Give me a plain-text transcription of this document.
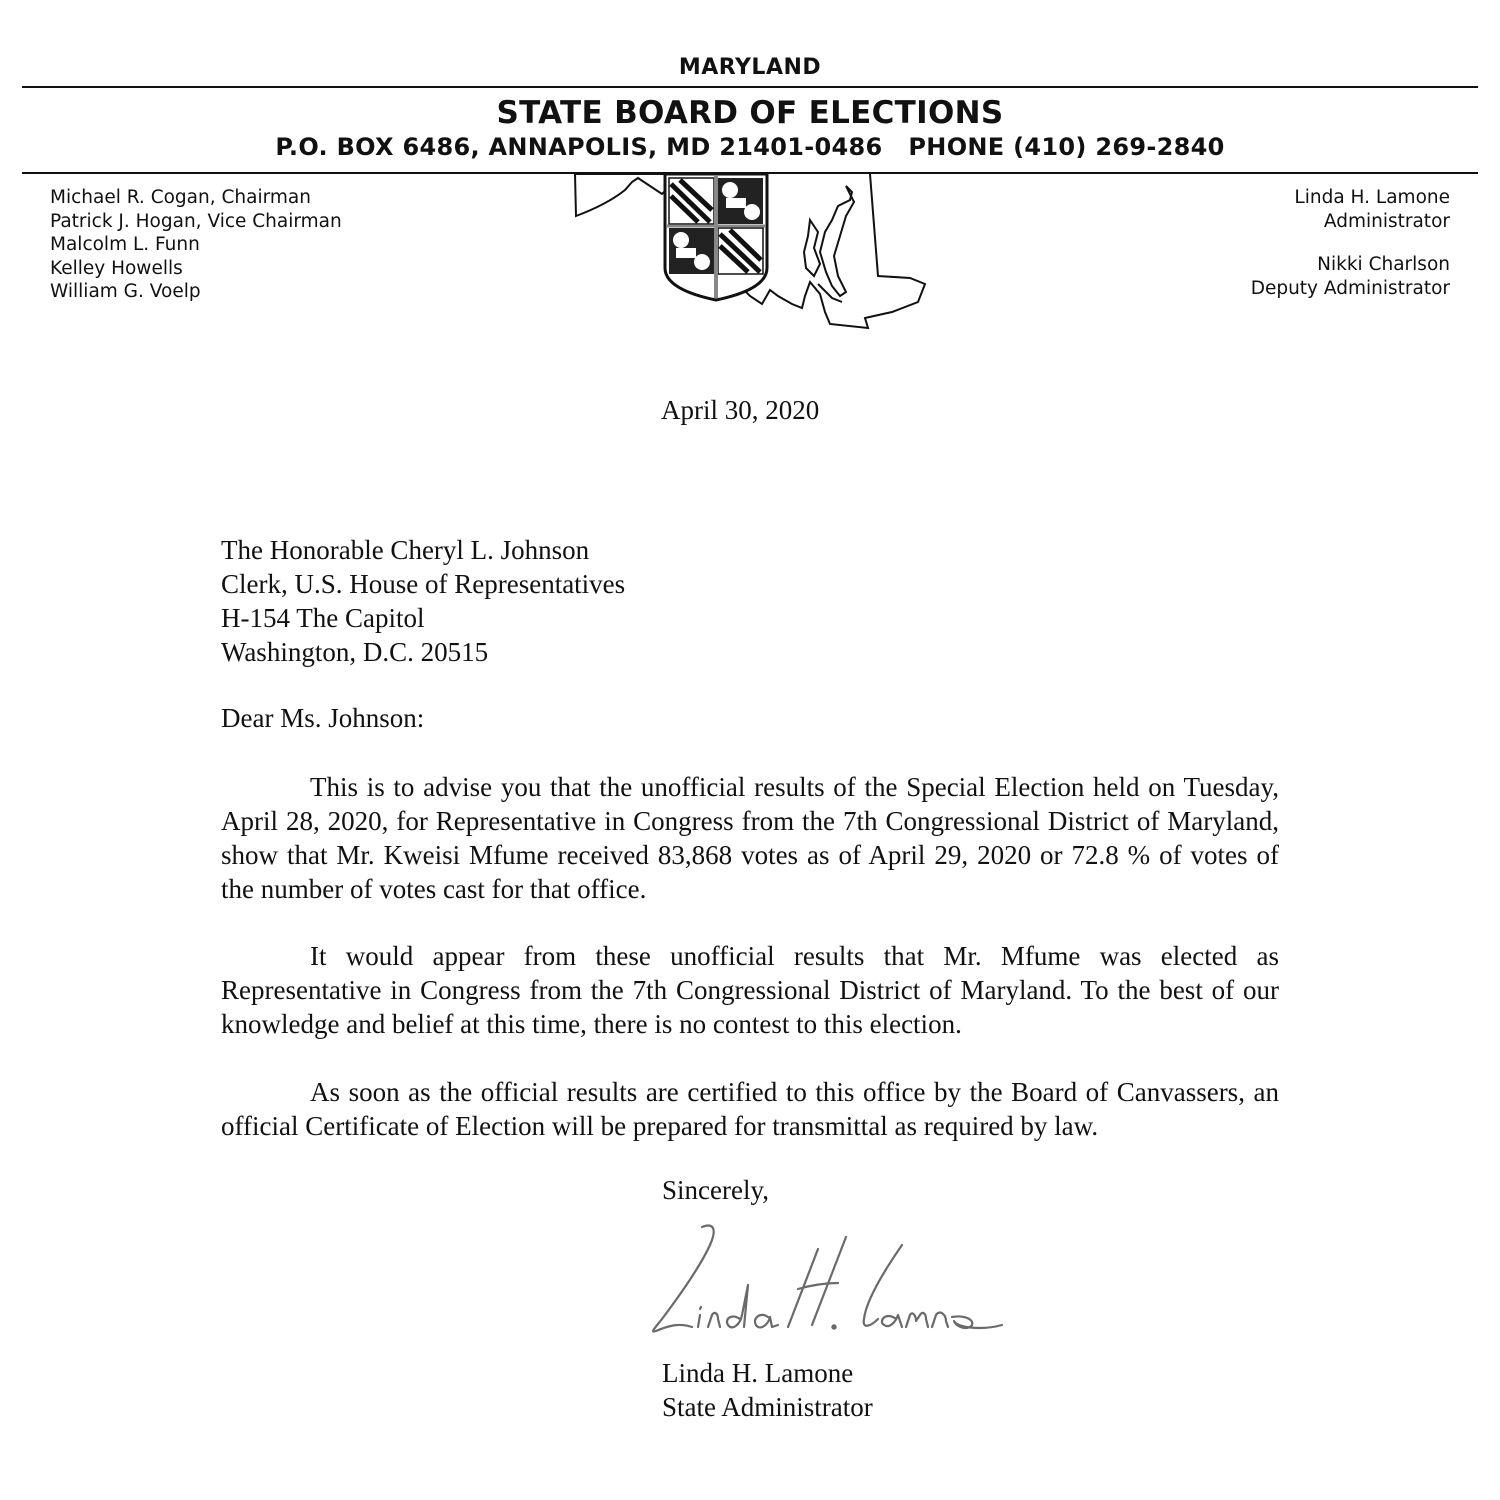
MARYLAND
STATE BOARD OF ELECTIONS
P.O. BOX 6486, ANNAPOLIS, MD 21401-0486   PHONE (410) 269-2840
Michael R. Cogan, Chairman
Patrick J. Hogan, Vice Chairman
Malcolm L. Funn
Kelley Howells
William G. Voelp
Linda H. Lamone
Administrator
Nikki Charlson
Deputy Administrator
April 30, 2020
The Honorable Cheryl L. Johnson
Clerk, U.S. House of Representatives
H-154 The Capitol
Washington, D.C. 20515
Dear Ms. Johnson:
This is to advise you that the unofficial results of the Special Election held on Tuesday, April 28, 2020, for Representative in Congress from the 7th Congressional District of Maryland, show that Mr. Kweisi Mfume received 83,868 votes as of April 29, 2020 or 72.8 % of votes of the number of votes cast for that office.
It would appear from these unofficial results that Mr. Mfume was elected as Representative in Congress from the 7th Congressional District of Maryland. To the best of our knowledge and belief at this time, there is no contest to this election.
As soon as the official results are certified to this office by the Board of Canvassers, an official Certificate of Election will be prepared for transmittal as required by law.
Sincerely,
Linda H. Lamone
State Administrator
